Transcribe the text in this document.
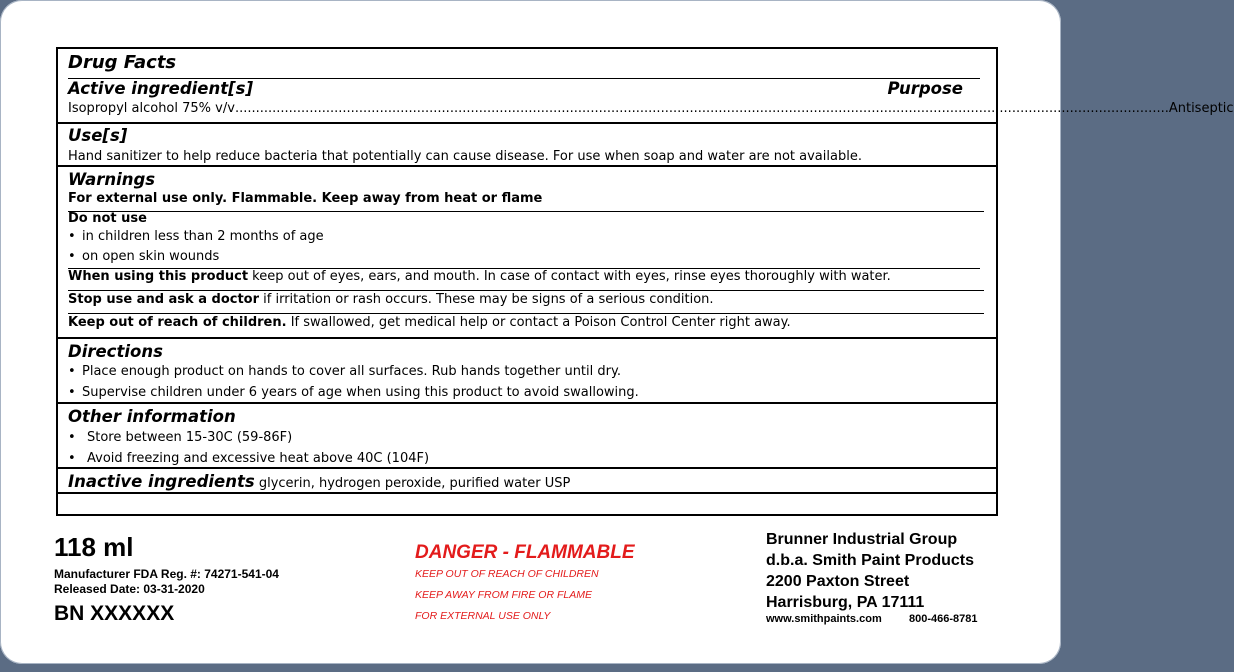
Drug Facts
Active ingredient[s]	Purpose
Isopropyl alcohol 75% v/v .................................................................................................................................................................................................................................. Antiseptic
Use[s]
Hand sanitizer to help reduce bacteria that potentially can cause disease. For use when soap and water are not available.
Warnings
For external use only. Flammable. Keep away from heat or flame
Do not use
• in children less than 2 months of age
• on open skin wounds
When using this product keep out of eyes, ears, and mouth. In case of contact with eyes, rinse eyes thoroughly with water.
Stop use and ask a doctor if irritation or rash occurs. These may be signs of a serious condition.
Keep out of reach of children. If swallowed, get medical help or contact a Poison Control Center right away.
Directions
• Place enough product on hands to cover all surfaces. Rub hands together until dry.
• Supervise children under 6 years of age when using this product to avoid swallowing.
Other information
• Store between 15-30C (59-86F)
• Avoid freezing and excessive heat above 40C (104F)
Inactive ingredients glycerin, hydrogen peroxide, purified water USP
118 ml
Manufacturer FDA Reg. #: 74271-541-04
Released Date: 03-31-2020
BN XXXXXX
DANGER - FLAMMABLE
KEEP OUT OF REACH OF CHILDREN
KEEP AWAY FROM FIRE OR FLAME
FOR EXTERNAL USE ONLY
Brunner Industrial Group
d.b.a. Smith Paint Products
2200 Paxton Street
Harrisburg, PA 17111
www.smithpaints.com 800-466-8781
